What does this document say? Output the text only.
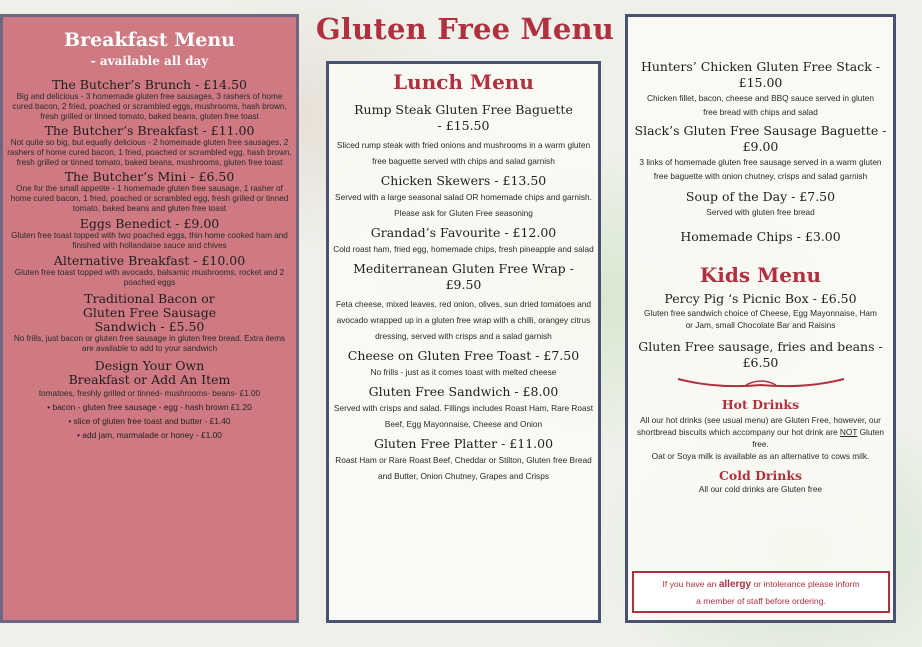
Gluten Free Menu
Breakfast Menu
- available all day
The Butcher’s Brunch - £14.50
Big and delicious - 3 homemade gluten free sausages, 3 rashers of home cured bacon, 2 fried, poached or scrambled eggs, mushrooms, hash brown, fresh grilled or tinned tomato, baked beans, gluten free toast
The Butcher’s Breakfast - £11.00
Not quite so big, but equally delicious - 2 homemade gluten free sausages, 2 rashers of home cured bacon, 1 fried, poached or scrambled egg, hash brown, fresh grilled or tinned tomato, baked beans, mushrooms, gluten free toast
The Butcher’s Mini - £6.50
One for the small appetite - 1 homemade gluten free sausage, 1 rasher of home cured bacon, 1 fried, poached or scrambled egg, fresh grilled or tinned tomato, baked beans and gluten free toast
Eggs Benedict - £9.00
Gluten free toast topped with two poached eggs, thin home cooked ham and finished with hollandaise sauce and chives
Alternative Breakfast - £10.00
Gluten free toast topped with avocado, balsamic mushrooms, rocket and 2 poached eggs
Traditional Bacon or Gluten Free Sausage Sandwich - £5.50
No frills, just bacon or gluten free sausage in gluten free bread. Extra items are available to add to your sandwich
Design Your Own Breakfast or Add An Item
tomatoes, freshly grilled or tinned- mushrooms- beans- £1.00
• bacon - gluten free sausage - egg - hash brown £1.20
• slice of gluten free toast and butter - £1.40
• add jam, marmalade or honey - £1.00
Lunch Menu
Rump Steak Gluten Free Baguette - £15.50
Sliced rump steak with fried onions and mushrooms in a warm gluten free baguette served with chips and salad garnish
Chicken Skewers - £13.50
Served with a large seasonal salad OR homemade chips and garnish. Please ask for Gluten Free seasoning
Grandad’s Favourite - £12.00
Cold roast ham, fried egg, homemade chips, fresh pineapple and salad
Mediterranean Gluten Free Wrap - £9.50
Feta cheese, mixed leaves, red onion, olives, sun dried tomatoes and avocado wrapped up in a gluten free wrap with a chilli, orangey citrus dressing, served with crisps and a salad garnish
Cheese on Gluten Free Toast - £7.50
No frills - just as it comes toast with melted cheese
Gluten Free Sandwich - £8.00
Served with crisps and salad. Fillings includes Roast Ham, Rare Roast Beef, Egg Mayonnaise, Cheese and Onion
Gluten Free Platter - £11.00
Roast Ham or Rare Roast Beef, Cheddar or Stilton, Gluten free Bread and Butter, Onion Chutney, Grapes and Crisps
Hunters’ Chicken Gluten Free Stack - £15.00
Chicken fillet, bacon, cheese and BBQ sauce served in gluten free bread with chips and salad
Slack’s Gluten Free Sausage Baguette - £9.00
3 links of homemade gluten free sausage served in a warm gluten free baguette with onion chutney, crisps and salad garnish
Soup of the Day - £7.50
Served with gluten free bread
Homemade Chips - £3.00
Kids Menu
Percy Pig ‘s Picnic Box - £6.50
Gluten free sandwich choice of Cheese, Egg Mayonnaise, Ham or Jam, small Chocolate Bar and Raisins
Gluten Free sausage, fries and beans - £6.50
Hot Drinks
All our hot drinks (see usual menu) are Gluten Free, however, our shortbread biscuits which accompany our hot drink are NOT Gluten free.
Oat or Soya milk is available as an alternative to cows milk.
Cold Drinks
All our cold drinks are Gluten free
If you have an allergy or intolerance please inform
a member of staff before ordering.
